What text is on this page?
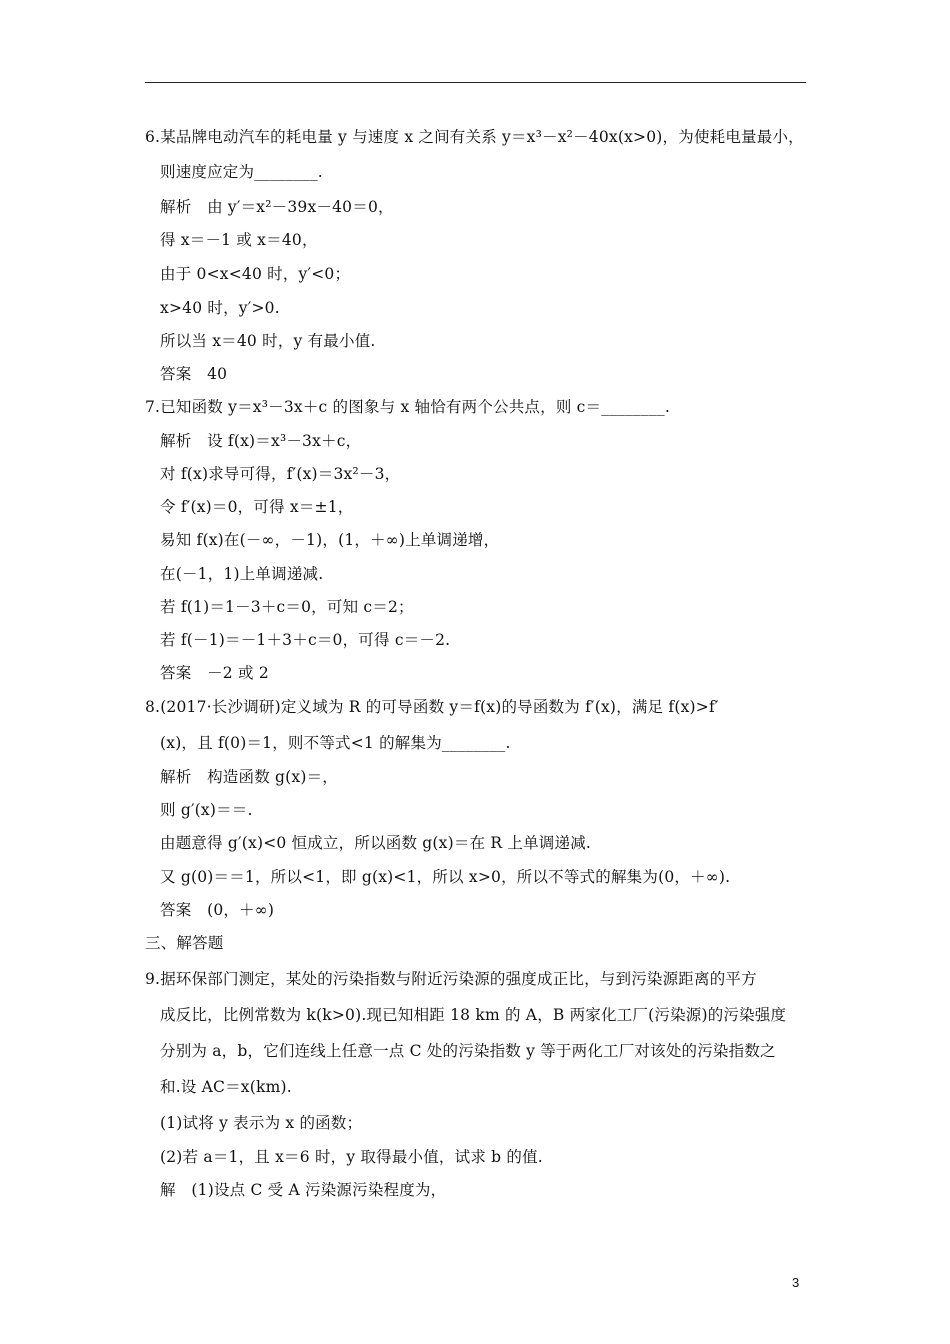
6.某品牌电动汽车的耗电量 y 与速度 x 之间有关系 y＝x³－x²－40x(x>0)，为使耗电量最小，
则速度应定为________.
解析　由 y′＝x²－39x－40＝0，
得 x＝－1 或 x＝40，
由于 0<x<40 时，y′<0；
x>40 时，y′>0.
所以当 x＝40 时，y 有最小值.
答案　40
7.已知函数 y＝x³－3x＋c 的图象与 x 轴恰有两个公共点，则 c＝________.
解析　设 f(x)＝x³－3x＋c，
对 f(x)求导可得，f′(x)＝3x²－3，
令 f′(x)＝0，可得 x＝±1，
易知 f(x)在(－∞，－1)，(1，＋∞)上单调递增，
在(－1，1)上单调递减.
若 f(1)＝1－3＋c＝0，可知 c＝2；
若 f(－1)＝－1＋3＋c＝0，可得 c＝－2.
答案　－2 或 2
8.(2017·长沙调研)定义域为 R 的可导函数 y＝f(x)的导函数为 f′(x)，满足 f(x)>f′
(x)，且 f(0)＝1，则不等式<1 的解集为________.
解析　构造函数 g(x)＝，
则 g′(x)＝＝.
由题意得 g′(x)<0 恒成立，所以函数 g(x)＝在 R 上单调递减.
又 g(0)＝＝1，所以<1，即 g(x)<1，所以 x>0，所以不等式的解集为(0，＋∞).
答案　(0，＋∞)
三、解答题
9.据环保部门测定，某处的污染指数与附近污染源的强度成正比，与到污染源距离的平方
成反比，比例常数为 k(k>0).现已知相距 18 km 的 A，B 两家化工厂(污染源)的污染强度
分别为 a，b，它们连线上任意一点 C 处的污染指数 y 等于两化工厂对该处的污染指数之
和.设 AC＝x(km).
(1)试将 y 表示为 x 的函数；
(2)若 a＝1，且 x＝6 时，y 取得最小值，试求 b 的值.
解　(1)设点 C 受 A 污染源污染程度为，
3
